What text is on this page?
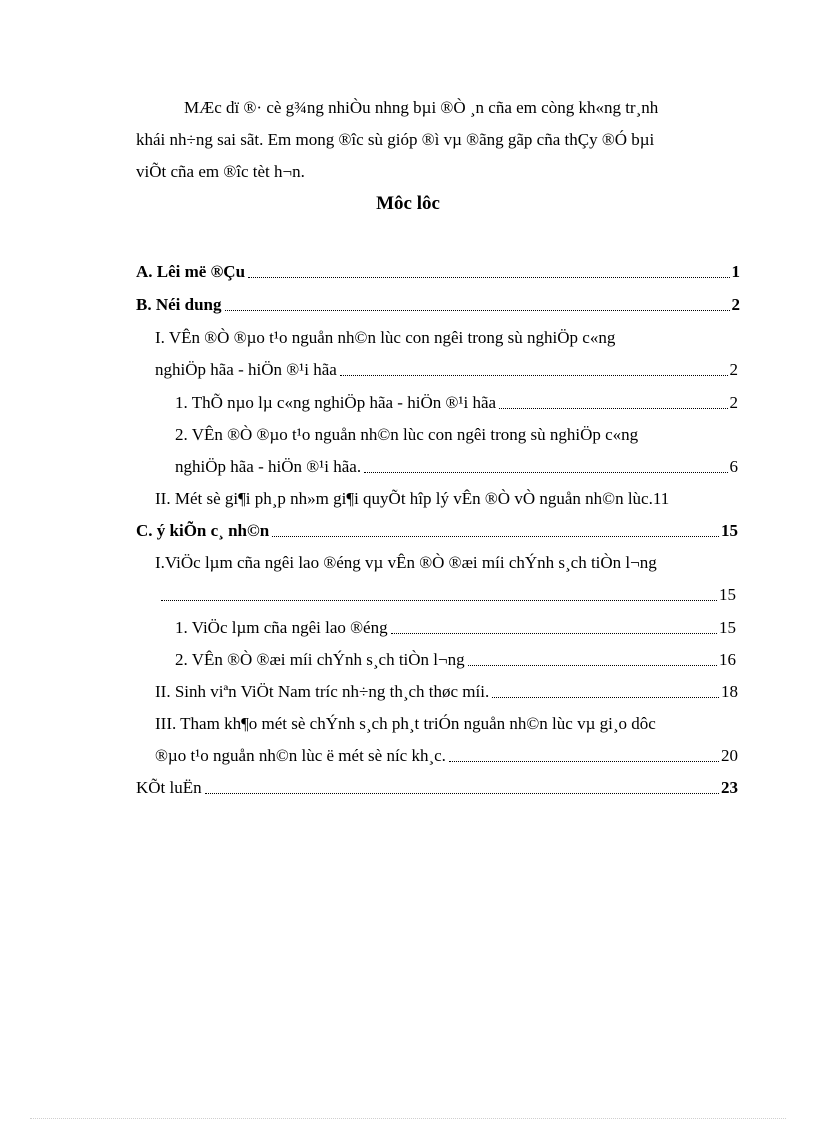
MÆc dï ®· cè g¾ng nhiÒu nhng bµi ®Ò ¸n cña em còng kh«ng tr¸nh
khái nh÷ng sai sãt. Em mong ®îc sù gióp ®ì vµ ®ãng gãp cña thÇy ®Ó bµi
viÕt cña em ®îc tèt h¬n.
Môc lôc
A. Lêi më ®Çu	1
B. Néi dung	2
I. VÊn ®Ò ®µo t¹o nguån nh©n lùc con ngêi trong sù nghiÖp c«ng
nghiÖp hãa - hiÖn ®¹i hãa	2
1. ThÕ nµo lµ c«ng nghiÖp hãa - hiÖn ®¹i hãa	2
2. VÊn ®Ò ®µo t¹o nguån nh©n lùc con ngêi trong sù nghiÖp c«ng
nghiÖp hãa - hiÖn ®¹i hãa.	6
II. Mét sè gi¶i ph¸p nh»m gi¶i quyÕt hîp lý vÊn ®Ò vÒ nguån nh©n lùc. 11
C. ý kiÕn c¸ nh©n	15
I.ViÖc lµm cña ngêi lao ®éng vµ vÊn ®Ò ®æi míi chÝnh s¸ch tiÒn l¬ng
15
1. ViÖc lµm cña ngêi lao ®éng	15
2. VÊn ®Ò ®æi míi chÝnh s¸ch tiÒn l¬ng	16
II. Sinh viªn ViÖt Nam tríc nh÷ng th¸ch thøc míi.	18
III. Tham kh¶o mét sè chÝnh s¸ch ph¸t triÓn nguån nh©n lùc vµ gi¸o dôc
®µo t¹o nguån nh©n lùc ë mét sè níc kh¸c.	20
KÕt luËn	23
